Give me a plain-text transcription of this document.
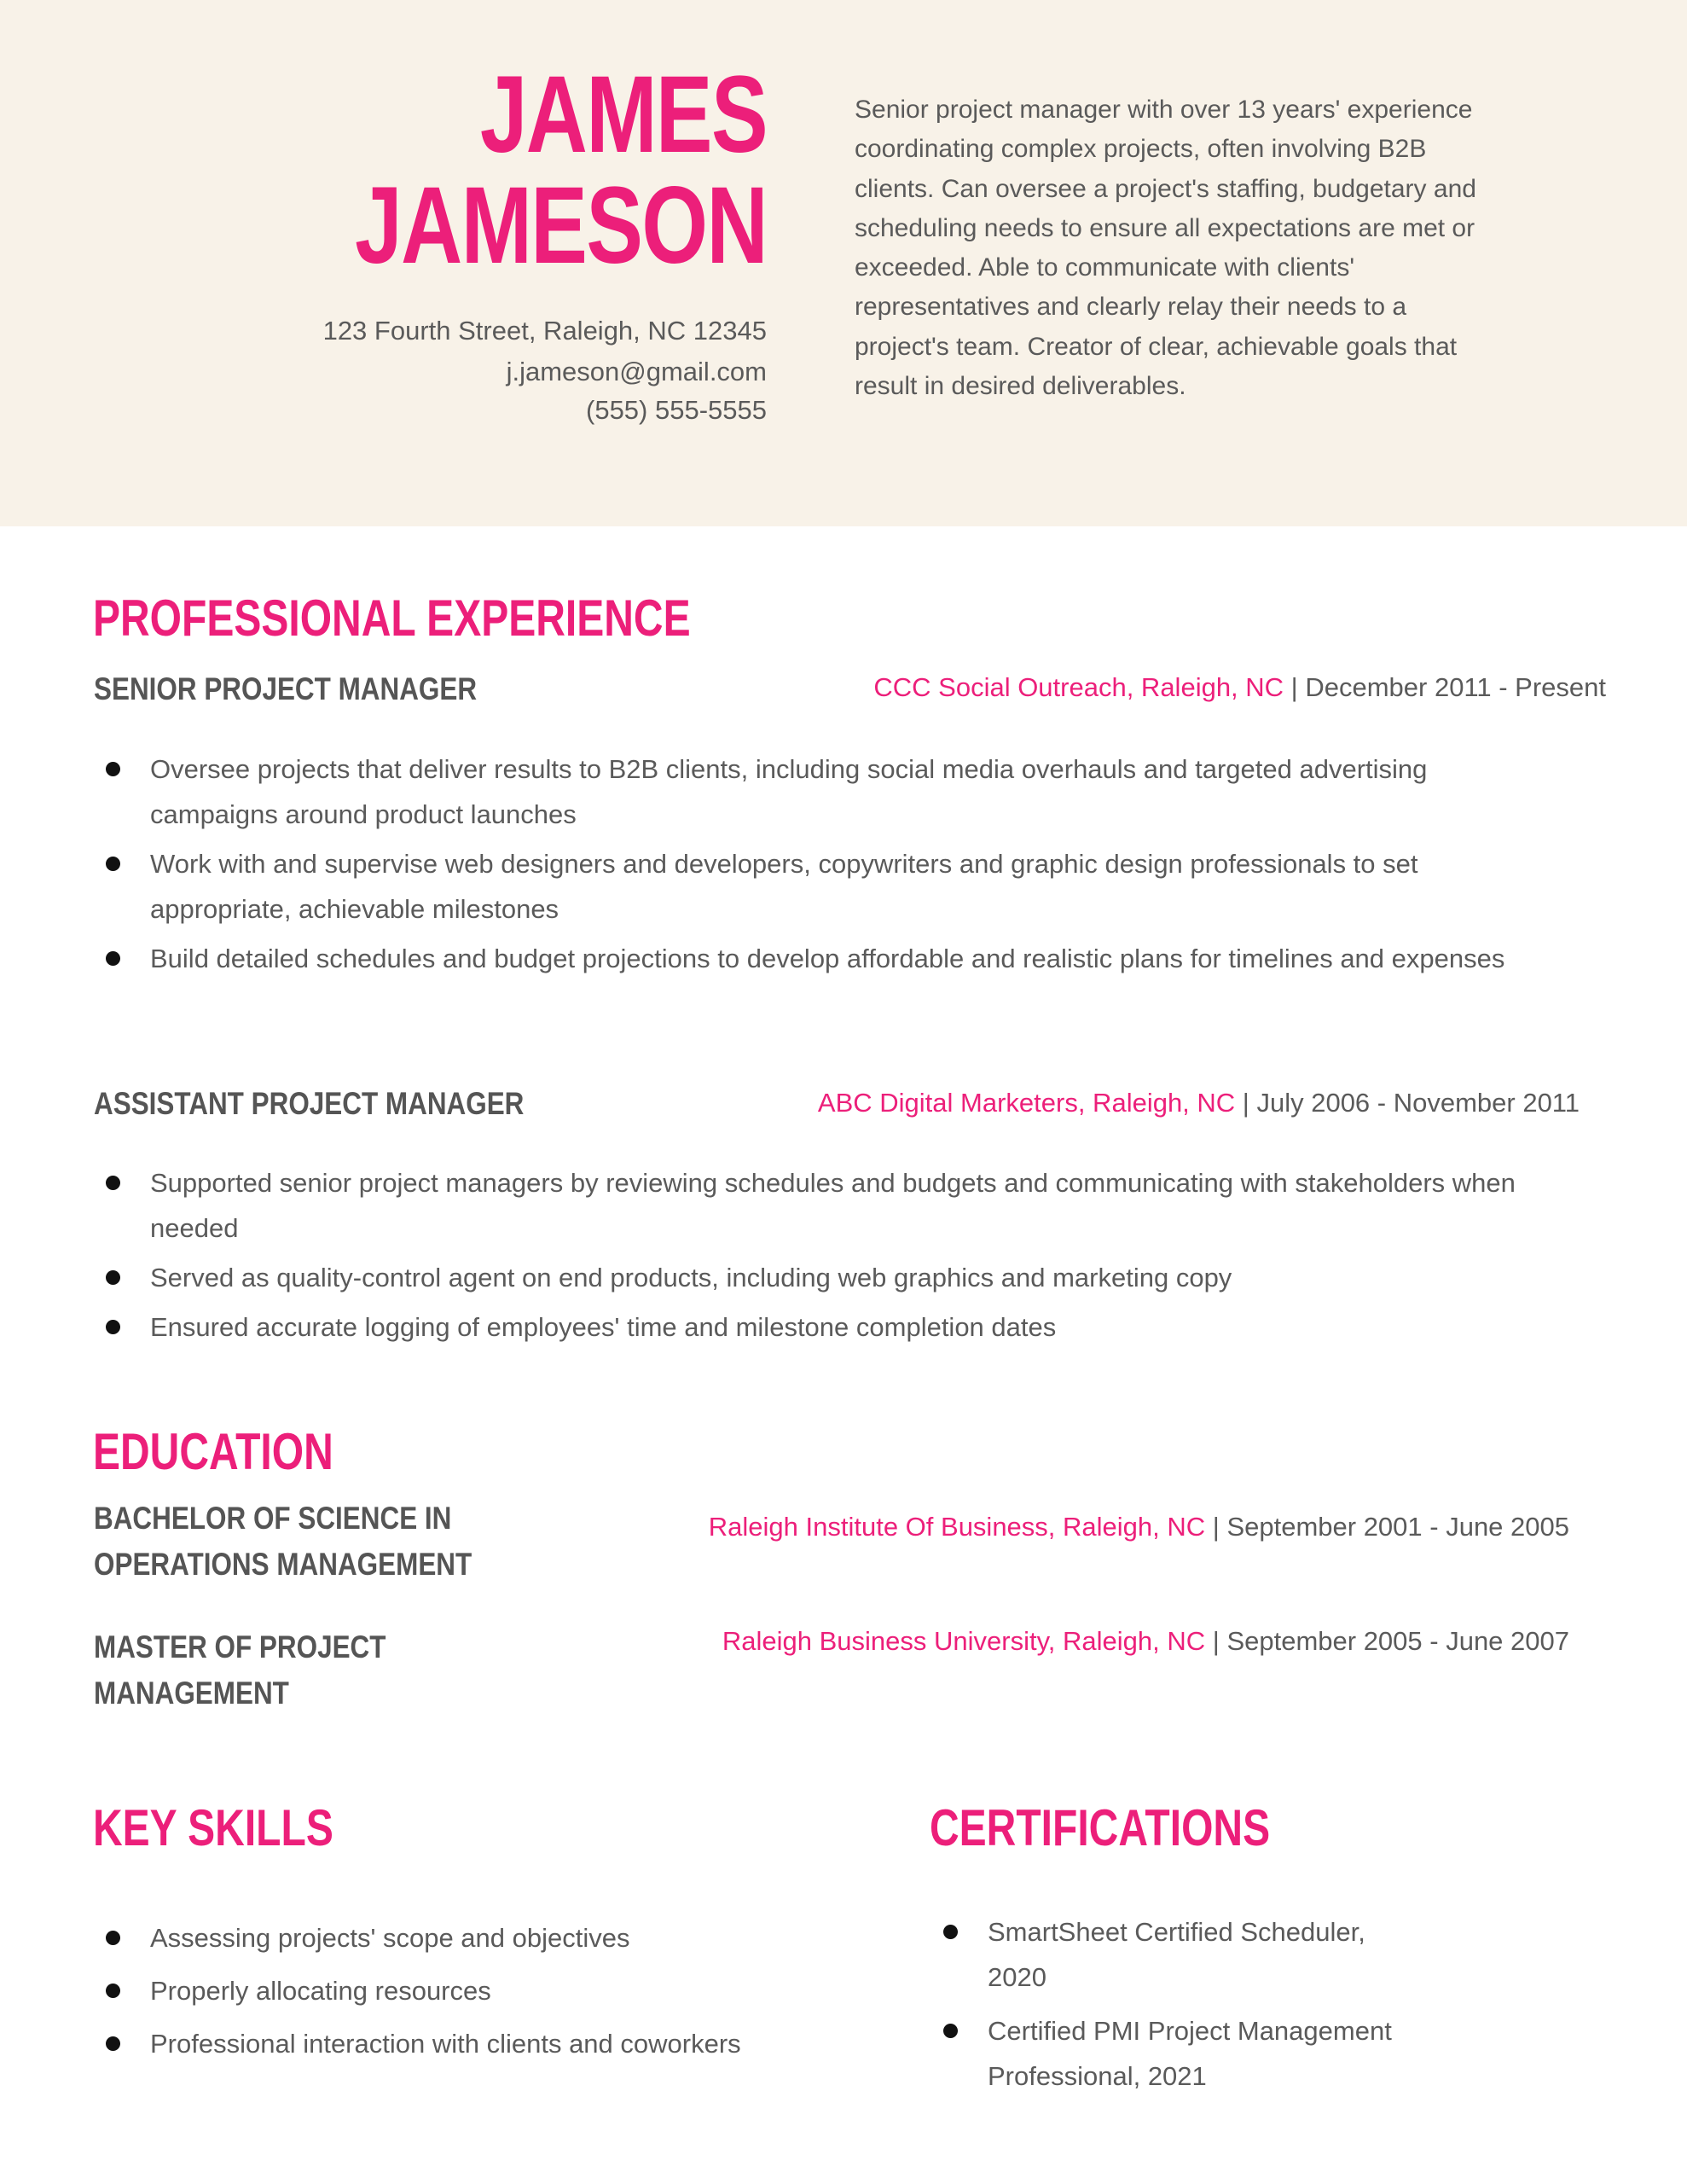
JAMES
JAMESON
123 Fourth Street, Raleigh, NC 12345
j.jameson@gmail.com
(555) 555-5555
Senior project manager with over 13 years' experience coordinating complex projects, often involving B2B clients. Can oversee a project's staffing, budgetary and scheduling needs to ensure all expectations are met or exceeded. Able to communicate with clients' representatives and clearly relay their needs to a project's team. Creator of clear, achievable goals that result in desired deliverables.
PROFESSIONAL EXPERIENCE
SENIOR PROJECT MANAGER	CCC Social Outreach, Raleigh, NC | December 2011 - Present
Oversee projects that deliver results to B2B clients, including social media overhauls and targeted advertising campaigns around product launches
Work with and supervise web designers and developers, copywriters and graphic design professionals to set appropriate, achievable milestones
Build detailed schedules and budget projections to develop affordable and realistic plans for timelines and expenses
ASSISTANT PROJECT MANAGER	ABC Digital Marketers, Raleigh, NC | July 2006 - November 2011
Supported senior project managers by reviewing schedules and budgets and communicating with stakeholders when needed
Served as quality-control agent on end products, including web graphics and marketing copy
Ensured accurate logging of employees' time and milestone completion dates
EDUCATION
BACHELOR OF SCIENCE IN
OPERATIONS MANAGEMENT
Raleigh Institute Of Business, Raleigh, NC | September 2001 - June 2005
MASTER OF PROJECT
MANAGEMENT
Raleigh Business University, Raleigh, NC | September 2005 - June 2007
KEY SKILLS
Assessing projects' scope and objectives
Properly allocating resources
Professional interaction with clients and coworkers
CERTIFICATIONS
SmartSheet Certified Scheduler, 2020
Certified PMI Project Management Professional, 2021
